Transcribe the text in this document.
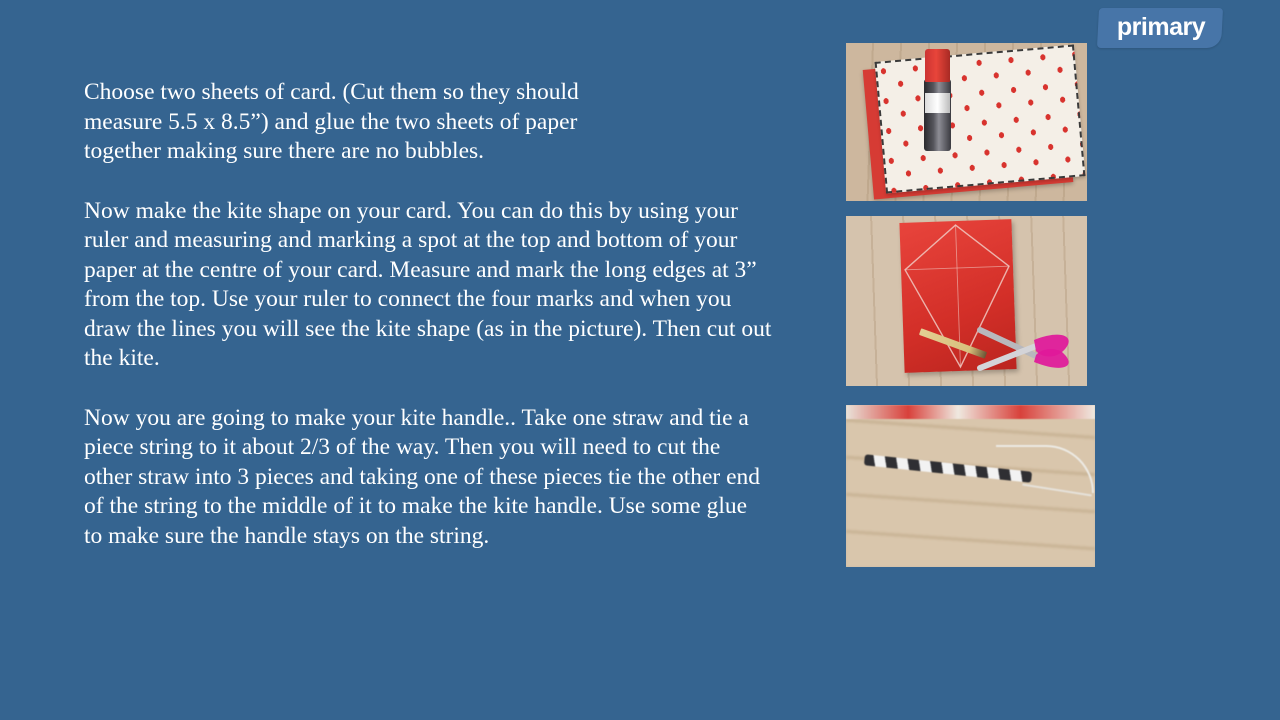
primary

Choose two sheets of card. (Cut them so they should measure 5.5 x 8.5”) and glue the two sheets of paper together making sure there are no bubbles.

Now make the kite shape on your card. You can do this by using your ruler and measuring and marking a spot at the top and bottom of your paper at the centre of your card. Measure and mark the long edges at 3” from the top. Use your ruler to connect the four marks and when you draw the lines you will see the kite shape (as in the picture). Then cut out the kite.

Now you are going to make your kite handle.. Take one straw and tie a piece string to it about 2/3 of the way. Then you will need to cut the other straw into 3 pieces and taking one of these pieces tie the other end of the string to the middle of it to make the kite handle. Use some glue to make sure the handle stays on the string.
